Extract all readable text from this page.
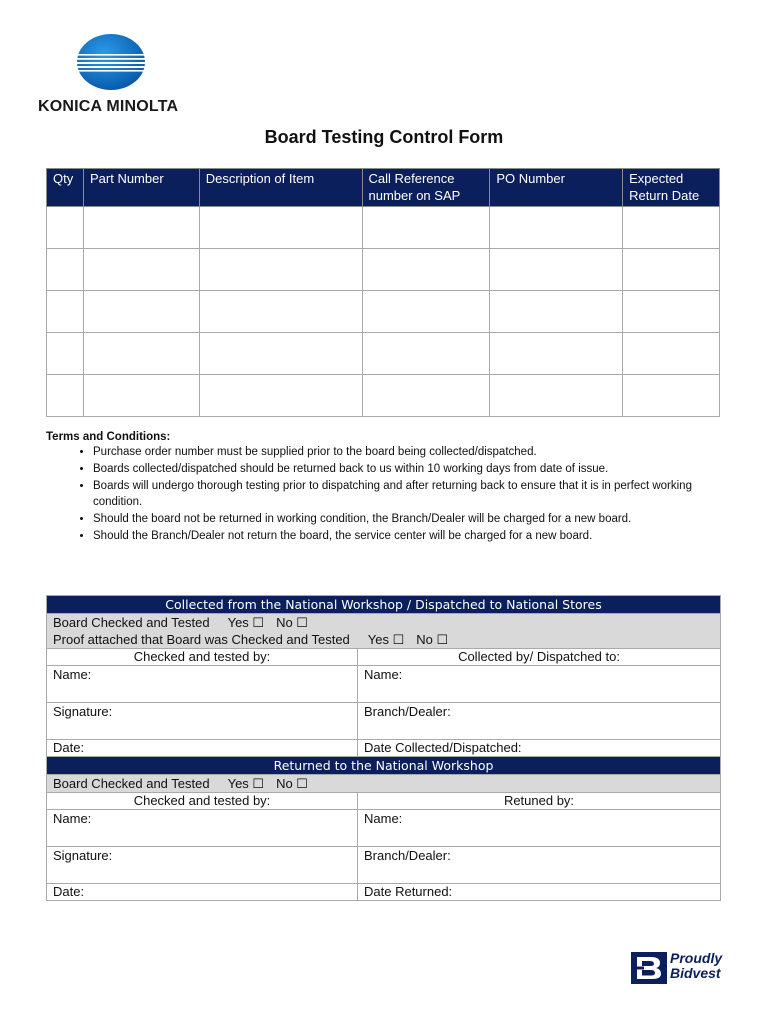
KONICA MINOLTA
Board Testing Control Form
Qty	Part Number	Description of Item	Call Reference number on SAP	PO Number	Expected Return Date

Terms and Conditions:
• Purchase order number must be supplied prior to the board being collected/dispatched.
• Boards collected/dispatched should be returned back to us within 10 working days from date of issue.
• Boards will undergo thorough testing prior to dispatching and after returning back to ensure that it is in perfect working condition.
• Should the board not be returned in working condition, the Branch/Dealer will be charged for a new board.
• Should the Branch/Dealer not return the board, the service center will be charged for a new board.
Collected from the National Workshop / Dispatched to National Stores	

Board Checked and Tested Yes ☐ No ☐
Proof attached that Board was Checked and Tested Yes ☐ No ☐	

Checked and tested by:	Collected by/ Dispatched to:
Name:	Name:
Signature:	Branch/Dealer:
Date:	Date Collected/Dispatched:
Returned to the National Workshop	
Board Checked and Tested Yes ☐ No ☐	
Checked and tested by:	Retuned by:
Name:	Name:
Signature:	Branch/Dealer:
Date:	Date Returned:
Proudly
Bidvest
